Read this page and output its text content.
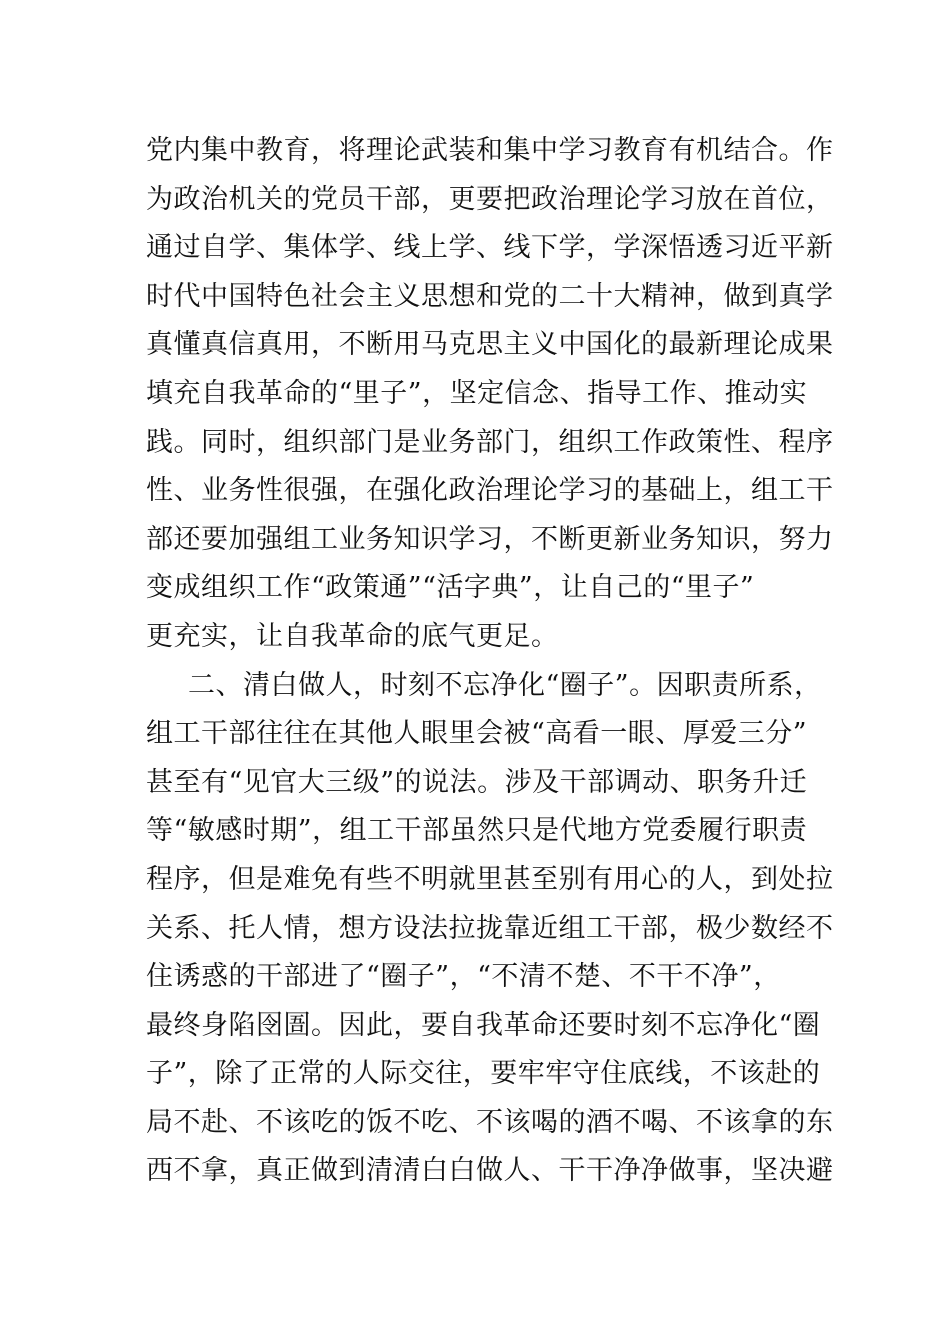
党内集中教育，将理论武装和集中学习教育有机结合。作
为政治机关的党员干部，更要把政治理论学习放在首位，
通过自学、集体学、线上学、线下学，学深悟透习近平新
时代中国特色社会主义思想和党的二十大精神，做到真学
真懂真信真用，不断用马克思主义中国化的最新理论成果
填充自我革命的“里子”，坚定信念、指导工作、推动实
践。同时，组织部门是业务部门，组织工作政策性、程序
性、业务性很强，在强化政治理论学习的基础上，组工干
部还要加强组工业务知识学习，不断更新业务知识，努力
变成组织工作“政策通”“活字典”，让自己的“里子”
更充实，让自我革命的底气更足。
二、清白做人，时刻不忘净化“圈子”。因职责所系，
组工干部往往在其他人眼里会被“高看一眼、厚爱三分”
甚至有“见官大三级”的说法。涉及干部调动、职务升迁
等“敏感时期”，组工干部虽然只是代地方党委履行职责
程序，但是难免有些不明就里甚至别有用心的人，到处拉
关系、托人情，想方设法拉拢靠近组工干部，极少数经不
住诱惑的干部进了“圈子”，“不清不楚、不干不净”，
最终身陷囹圄。因此，要自我革命还要时刻不忘净化“圈
子”，除了正常的人际交往，要牢牢守住底线，不该赴的
局不赴、不该吃的饭不吃、不该喝的酒不喝、不该拿的东
西不拿，真正做到清清白白做人、干干净净做事，坚决避
